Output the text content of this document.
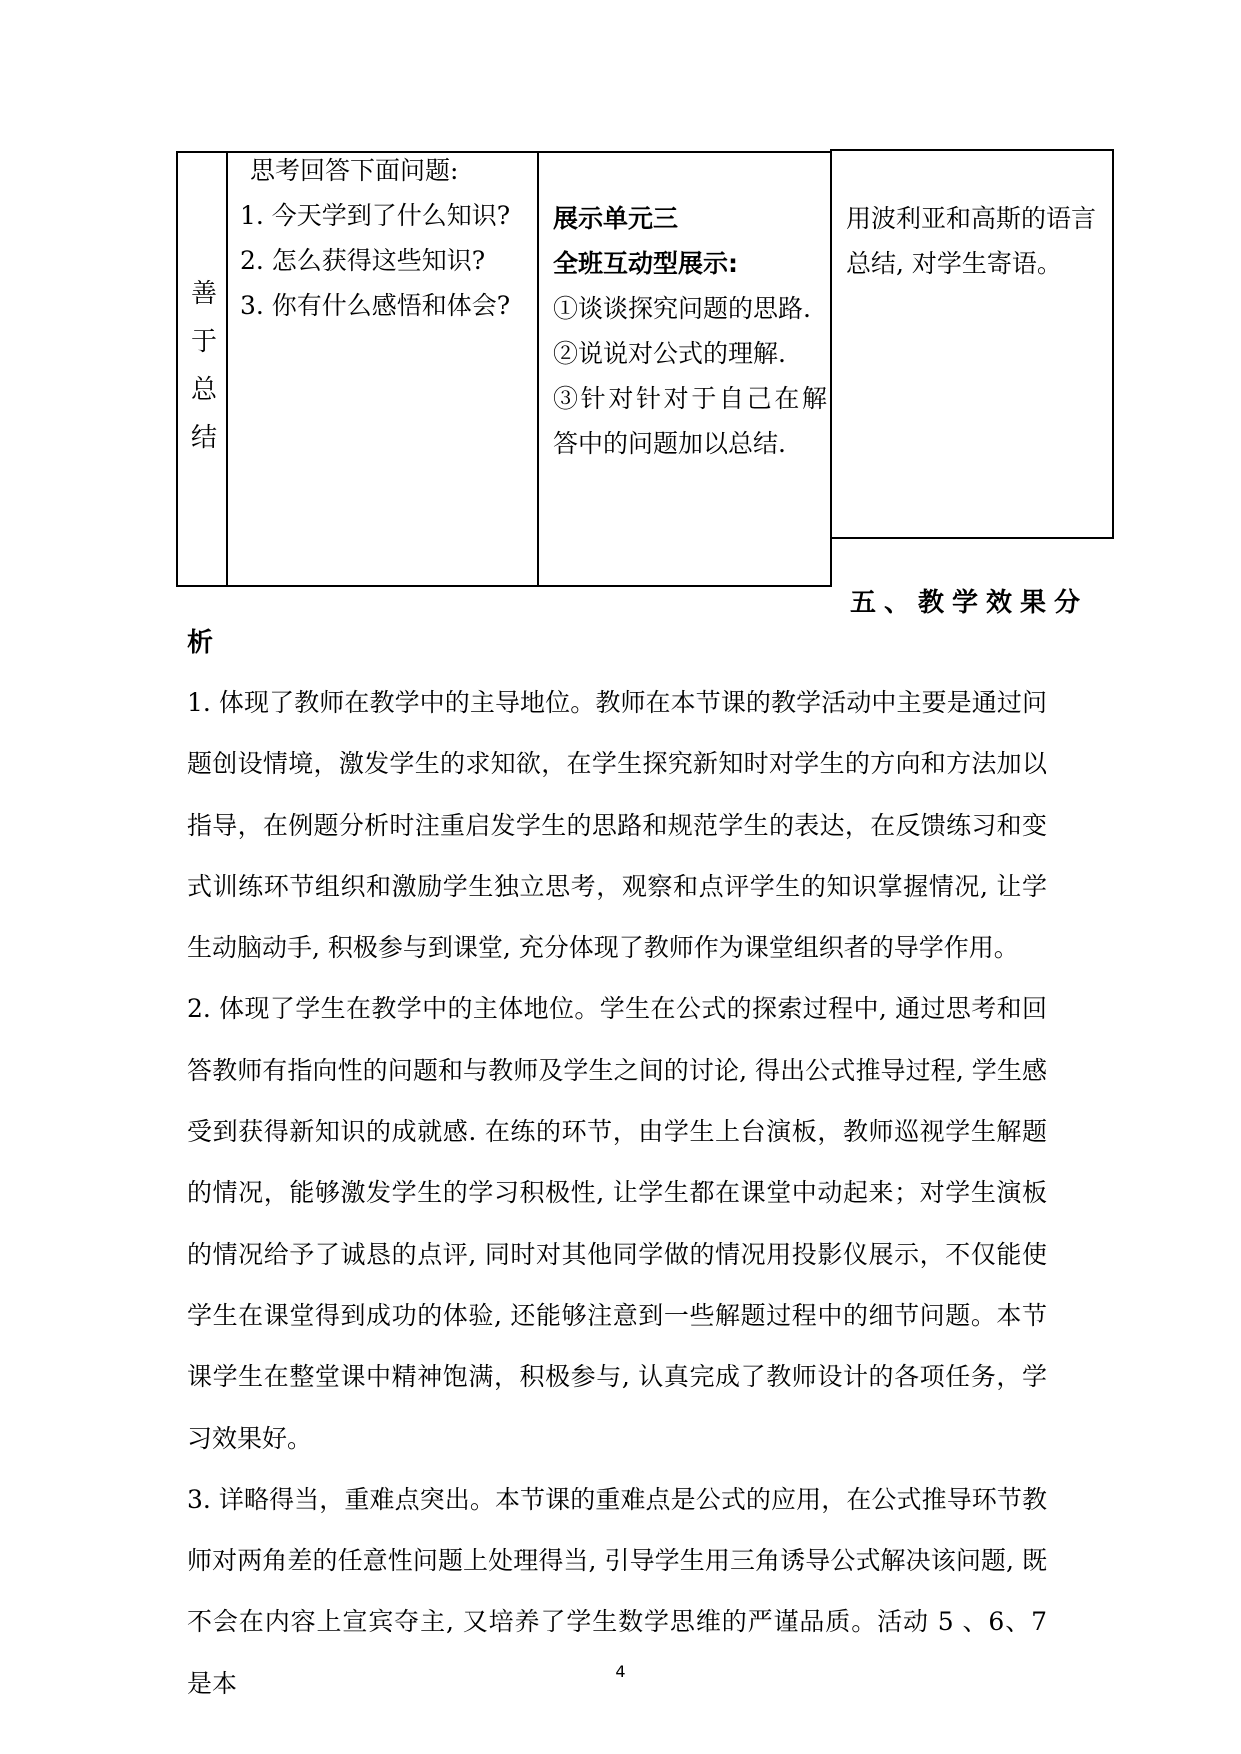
善
于
总
结
思考回答下面问题:
1. 今天学到了什么知识?
2. 怎么获得这些知识?
3. 你有什么感悟和体会?
展示单元三
全班互动型展示:
①谈谈探究问题的思路.
②说说对公式的理解.
③针对针对于自己在解答中的问题加以总结.
用波利亚和高斯的语言总结, 对学生寄语。
五、教学效果分
析

1. 体现了教师在教学中的主导地位。教师在本节课的教学活动中主要是通过问题创设情境，激发学生的求知欲，在学生探究新知时对学生的方向和方法加以指导，在例题分析时注重启发学生的思路和规范学生的表达，在反馈练习和变式训练环节组织和激励学生独立思考，观察和点评学生的知识掌握情况, 让学生动脑动手, 积极参与到课堂, 充分体现了教师作为课堂组织者的导学作用。

2. 体现了学生在教学中的主体地位。学生在公式的探索过程中, 通过思考和回答教师有指向性的问题和与教师及学生之间的讨论, 得出公式推导过程, 学生感受到获得新知识的成就感. 在练的环节，由学生上台演板，教师巡视学生解题的情况，能够激发学生的学习积极性, 让学生都在课堂中动起来；对学生演板的情况给予了诚恳的点评, 同时对其他同学做的情况用投影仪展示，不仅能使学生在课堂得到成功的体验, 还能够注意到一些解题过程中的细节问题。本节课学生在整堂课中精神饱满，积极参与, 认真完成了教师设计的各项任务，学习效果好。

3. 详略得当，重难点突出。本节课的重难点是公式的应用，在公式推导环节教师对两角差的任意性问题上处理得当, 引导学生用三角诱导公式解决该问题, 既不会在内容上宣宾夺主, 又培养了学生数学思维的严谨品质。活动 5 、6、7 是本	4
